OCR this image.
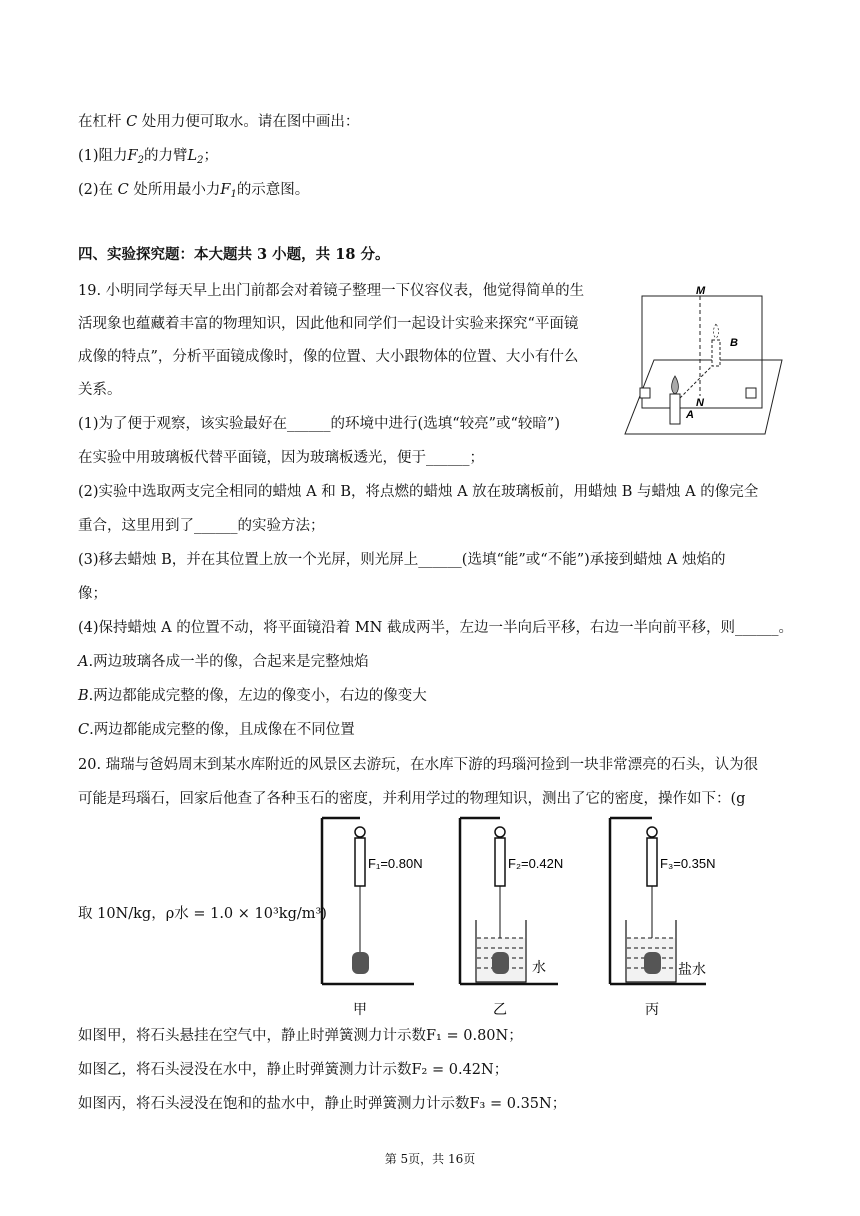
在杠杆 C 处用力便可取水。请在图中画出：
(1)阻力$F_2$的力臂$L_2$；
(2)在 C 处所用最小力$F_1$的示意图。
四、实验探究题：本大题共 3 小题，共 18 分。
19. 小明同学每天早上出门前都会对着镜子整理一下仪容仪表，他觉得简单的生
活现象也蕴藏着丰富的物理知识，因此他和同学们一起设计实验来探究“平面镜
成像的特点”，分析平面镜成像时，像的位置、大小跟物体的位置、大小有什么
关系。
(1)为了便于观察，该实验最好在______的环境中进行(选填“较亮”或“较暗”)
在实验中用玻璃板代替平面镜，因为玻璃板透光，便于______；
(2)实验中选取两支完全相同的蜡烛 A 和 B，将点燃的蜡烛 A 放在玻璃板前，用蜡烛 B 与蜡烛 A 的像完全
重合，这里用到了______的实验方法；
(3)移去蜡烛 B，并在其位置上放一个光屏，则光屏上______(选填“能”或“不能”)承接到蜡烛 A 烛焰的
像；
(4)保持蜡烛 A 的位置不动，将平面镜沿着 MN 截成两半，左边一半向后平移，右边一半向前平移，则______。
A.两边玻璃各成一半的像，合起来是完整烛焰
B.两边都能成完整的像，左边的像变小，右边的像变大
C.两边都能成完整的像，且成像在不同位置
M
N
A
B
20. 瑞瑞与爸妈周末到某水库附近的风景区去游玩，在水库下游的玛瑙河捡到一块非常漂亮的石头，认为很
可能是玛瑙石，回家后他查了各种玉石的密度，并利用学过的物理知识，测出了它的密度，操作如下：(g
取 10N/kg，ρ水 = 1.0 × 10³kg/m³)
F₁=0.80N
甲
F₂=0.42N
水
乙
F₃=0.35N
盐水
丙
如图甲，将石头悬挂在空气中，静止时弹簧测力计示数F₁ = 0.80N；
如图乙，将石头浸没在水中，静止时弹簧测力计示数F₂ = 0.42N；
如图丙，将石头浸没在饱和的盐水中，静止时弹簧测力计示数F₃ = 0.35N；
第 5页，共 16页
